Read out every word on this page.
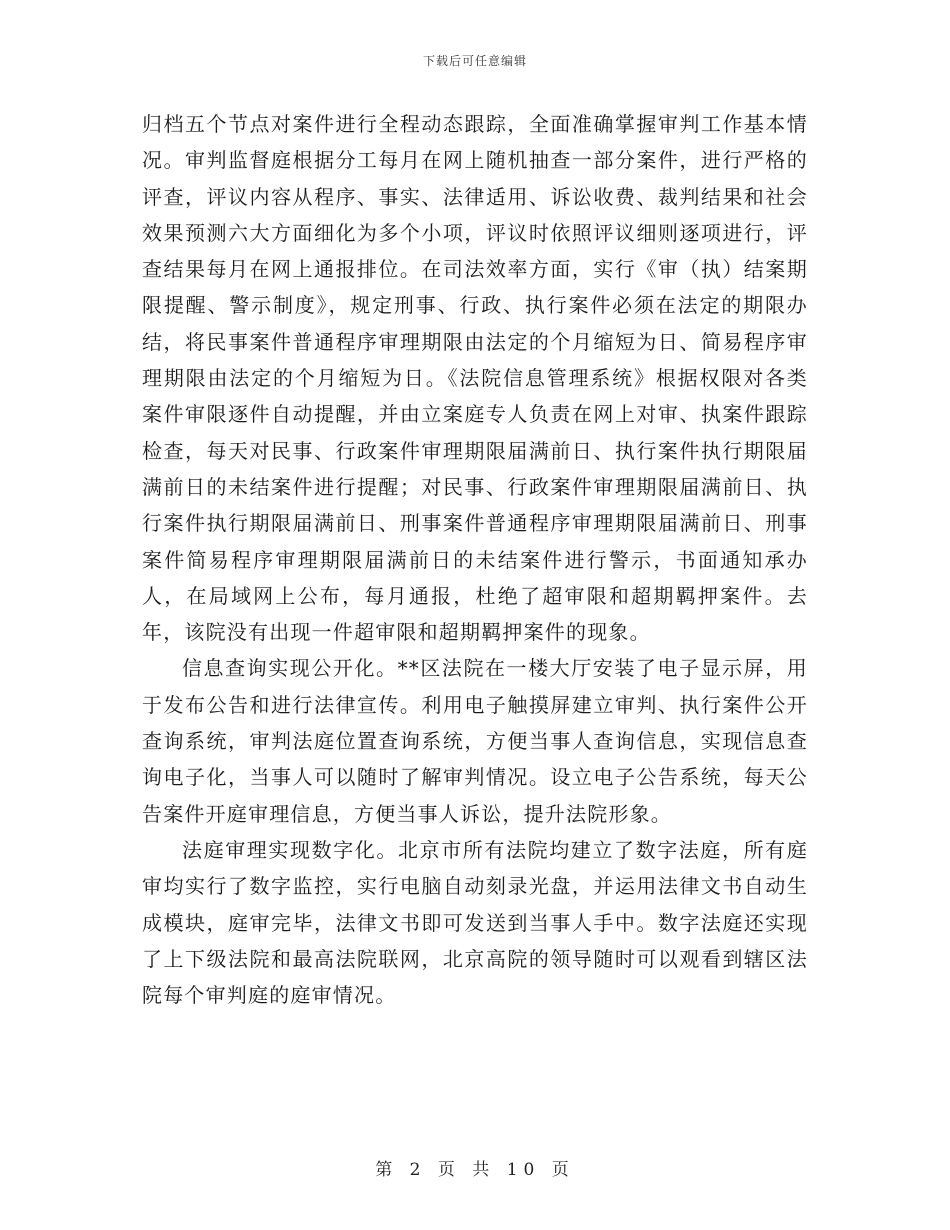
下载后可任意编辑

归档五个节点对案件进行全程动态跟踪，全面准确掌握审判工作基本情况。审判监督庭根据分工每月在网上随机抽查一部分案件，进行严格的评查，评议内容从程序、事实、法律适用、诉讼收费、裁判结果和社会效果预测六大方面细化为多个小项，评议时依照评议细则逐项进行，评查结果每月在网上通报排位。在司法效率方面，实行《审（执）结案期限提醒、警示制度》，规定刑事、行政、执行案件必须在法定的期限办结，将民事案件普通程序审理期限由法定的个月缩短为日、简易程序审理期限由法定的个月缩短为日。《法院信息管理系统》根据权限对各类案件审限逐件自动提醒，并由立案庭专人负责在网上对审、执案件跟踪检查，每天对民事、行政案件审理期限届满前日、执行案件执行期限届满前日的未结案件进行提醒；对民事、行政案件审理期限届满前日、执行案件执行期限届满前日、刑事案件普通程序审理期限届满前日、刑事案件简易程序审理期限届满前日的未结案件进行警示，书面通知承办人，在局域网上公布，每月通报，杜绝了超审限和超期羁押案件。去年，该院没有出现一件超审限和超期羁押案件的现象。

信息查询实现公开化。**区法院在一楼大厅安装了电子显示屏，用于发布公告和进行法律宣传。利用电子触摸屏建立审判、执行案件公开查询系统，审判法庭位置查询系统，方便当事人查询信息，实现信息查询电子化，当事人可以随时了解审判情况。设立电子公告系统，每天公告案件开庭审理信息，方便当事人诉讼，提升法院形象。

法庭审理实现数字化。北京市所有法院均建立了数字法庭，所有庭审均实行了数字监控，实行电脑自动刻录光盘，并运用法律文书自动生成模块，庭审完毕，法律文书即可发送到当事人手中。数字法庭还实现了上下级法院和最高法院联网，北京高院的领导随时可以观看到辖区法院每个审判庭的庭审情况。

第 2 页 共 10 页
